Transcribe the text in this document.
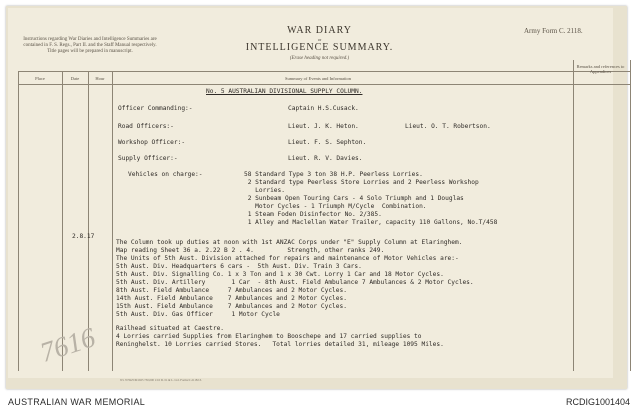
Instructions regarding War Diaries and Intelligence Summaries are contained in F. S. Regs., Part II. and the Staff Manual respectively. Title pages will be prepared in manuscript.
WAR DIARY
or
INTELLIGENCE SUMMARY.
(Erase heading not required.)
Army Form C. 2118.
Place	Date	Hour	Summary of Events and Information
Remarks and references to Appendices
No. 5 AUSTRALIAN DIVISIONAL SUPPLY COLUMN.
Officer Commanding:-	Captain H.S.Cusack.
Road Officers:-	Lieut. J. K. Heton.	Lieut. O. T. Robertson.
Workshop Officer:-	Lieut. F. S. Sephton.
Supply Officer:-	Lieut. R. V. Davies.
Vehicles on charge:-	58 Standard Type 3 ton 38 H.P. Peerless Lorries.
2 Standard type Peerless Store Lorries and 2 Peerless Workshop
Lorries.
2 Sunbeam Open Touring Cars - 4 Solo Triumph and 1 Douglas
Motor Cycles - 1 Triumph M/Cycle  Combination.
1 Steam Foden Disinfector No. 2/385.
1 Alley and Maclellan Water Trailer, capacity 110 Gallons, No.T/458
2.8.17
The Column took up duties at noon with 1st ANZAC Corps under "E" Supply Column at Elaringhem.
Map reading Sheet 36 a. 2.22 B 2 . 4.         Strength, other ranks 249.
The Units of 5th Aust. Division attached for repairs and maintenance of Motor Vehicles are:-
5th Aust. Div. Headquarters 6 cars -  5th Aust. Div. Train 3 Cars.
5th Aust. Div. Signalling Co. 1 x 3 Ton and 1 x 30 Cwt. Lorry 1 Car and 18 Motor Cycles.
5th Aust. Div. Artillery       1 Car  - 8th Aust. Field Ambulance 7 Ambulances & 2 Motor Cycles.
8th Aust. Field Ambulance     7 Ambulances and 2 Motor Cycles.
14th Aust. Field Ambulance    7 Ambulances and 2 Motor Cycles.
15th Aust. Field Ambulance    7 Ambulances and 2 Motor Cycles.
5th Aust. Div. Gas Officer     1 Motor Cycle
Railhead situated at Caestre.
4 Lorries carried Supplies from Elaringhem to Booschepe and 17 carried supplies to
Reninghelst. 10 Lorries carried Stores.   Total lorries detailed 31, mileage 1095 Miles.
7616
Wt. W5925/M1925 750,000 1/16 D. D. & L. Ltd. Forms/C.2118/13.
AUSTRALIAN WAR MEMORIAL	RCDIG1001404
